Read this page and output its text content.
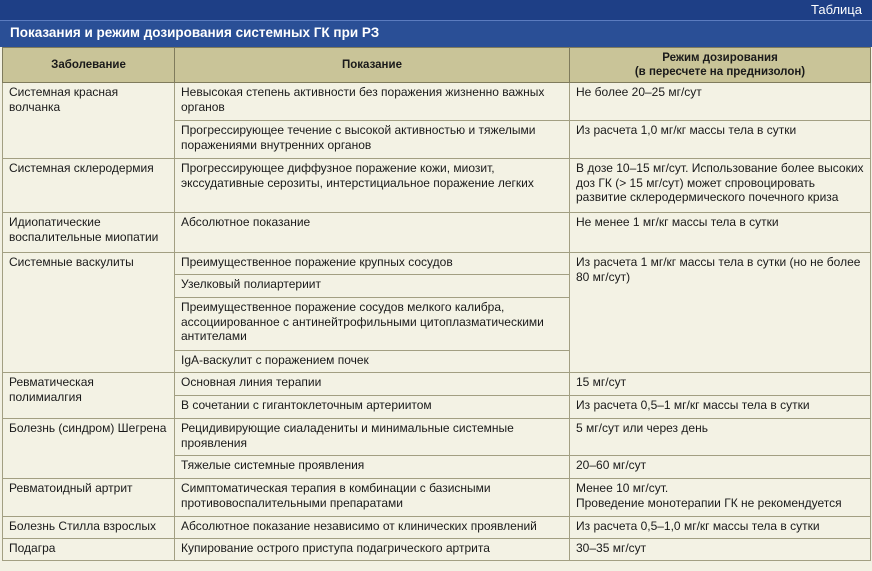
Таблица
Показания и режим дозирования системных ГК при РЗ
Заболевание	Показание	Режим дозирования
(в пересчете на преднизолон)

Системная красная волчанка	Невысокая степень активности без поражения жизненно важных органов	Не более 20–25 мг/сут
	Прогрессирующее течение с высокой активностью и тяжелыми поражениями внутренних органов	Из расчета 1,0 мг/кг массы тела в сутки
Системная склеродермия	Прогрессирующее диффузное поражение кожи, миозит, экссудативные серозиты, интерстициальное поражение легких	В дозе 10–15 мг/сут. Использование более высоких доз ГК (> 15 мг/сут) может спровоцировать развитие склеродермического почечного криза
Идиопатические воспалительные миопатии	Абсолютное показание	Не менее 1 мг/кг массы тела в сутки
Системные васкулиты	Преимущественное поражение крупных сосудов	Из расчета 1 мг/кг массы тела в сутки (но не более 80 мг/сут)
	Узелковый полиартериит	
	Преимущественное поражение сосудов мелкого калибра, ассоциированное с антинейтрофильными цитоплазматическими антителами	
	IgA-васкулит с поражением почек	
Ревматическая полимиалгия	Основная линия терапии	15 мг/сут
	В сочетании с гигантоклеточным артериитом	Из расчета 0,5–1 мг/кг массы тела в сутки
Болезнь (синдром) Шегрена	Рецидивирующие сиаладениты и минимальные системные проявления	5 мг/сут или через день
	Тяжелые системные проявления	20–60 мг/сут
Ревматоидный артрит	Симптоматическая терапия в комбинации с базисными противовоспалительными препаратами	Менее 10 мг/сут.
Проведение монотерапии ГК не рекомендуется

Болезнь Стилла взрослых	Абсолютное показание независимо от клинических проявлений	Из расчета 0,5–1,0 мг/кг массы тела в сутки
Подагра	Купирование острого приступа подагрического артрита	30–35 мг/сут
